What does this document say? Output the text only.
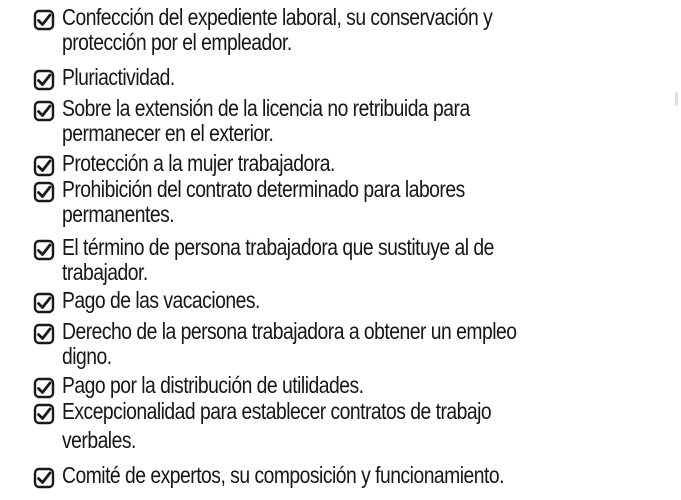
Confección del expediente laboral, su conservación y
protección por el empleador.
Pluriactividad.
Sobre la extensión de la licencia no retribuida para
permanecer en el exterior.
Protección a la mujer trabajadora.
Prohibición del contrato determinado para labores
permanentes.
El término de persona trabajadora que sustituye al de
trabajador.
Pago de las vacaciones.
Derecho de la persona trabajadora a obtener un empleo
digno.
Pago por la distribución de utilidades.
Excepcionalidad para establecer contratos de trabajo
verbales.
Comité de expertos, su composición y funcionamiento.
